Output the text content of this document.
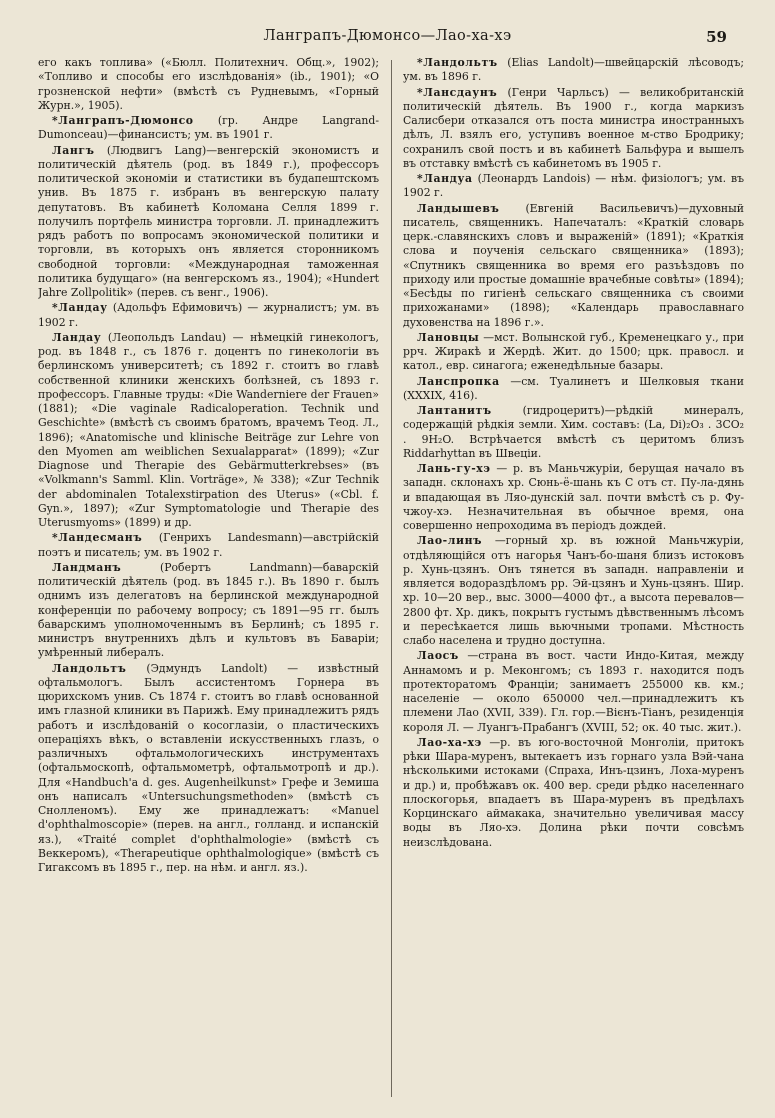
Ланграпъ-Дюмонсо—Лао-ха-хэ	59

его какъ топлива» («Бюлл. Политехнич. Общ.», 1902); «Топливо и способы его изслѣдованія» (ib., 1901); «О грозненской нефти» (вмѣстѣ съ Рудневымъ, «Горный Журн.», 1905).

*Ланграпъ-Дюмонсо (гр. Андре Langrand-Dumonceau)—финансистъ; ум. въ 1901 г.

Лангъ (Людвигъ Lang)—венгерскій экономистъ и политическій дѣятель (род. въ 1849 г.), профессоръ политической экономіи и статистики въ будапештскомъ унив. Въ 1875 г. избранъ въ венгерскую палату депутатовъ. Въ кабинетѣ Коломана Селля 1899 г. получилъ портфель министра торговли. Л. принадлежитъ рядъ работъ по вопросамъ экономической политики и торговли, въ которыхъ онъ является сторонникомъ свободной торговли: «Международная таможенная политика будущаго» (на венгерскомъ яз., 1904); «Hundert Jahre Zollpolitik» (перев. съ венг., 1906).

*Ландау (Адольфъ Ефимовичъ) — журналистъ; ум. въ 1902 г.

Ландау (Леопольдъ Landau) — нѣмецкій гинекологъ, род. въ 1848 г., съ 1876 г. доцентъ по гинекологіи въ берлинскомъ университетѣ; съ 1892 г. стоитъ во главѣ собственной клиники женскихъ болѣзней, съ 1893 г. профессоръ. Главные труды: «Die Wanderniere der Frauen» (1881); «Die vaginale Radicaloperation. Technik und Geschichte» (вмѣстѣ съ своимъ братомъ, врачемъ Теод. Л., 1896); «Anatomische und klinische Beiträge zur Lehre von den Myomen am weiblichen Sexualapparat» (1899); «Zur Diagnose und Therapie des Gebärmutterkrebses» (въ «Volkmann's Samml. Klin. Vorträge», № 338); «Zur Technik der abdominalen Totalexstirpation des Uterus» («Cbl. f. Gyn.», 1897); «Zur Symptomatologie und Therapie des Uterusmyoms» (1899) и др.

*Ландесманъ (Генрихъ Landesmann)—австрійскій поэтъ и писатель; ум. въ 1902 г.

Ландманъ	(Робертъ Landmann)—баварскій политическій дѣятель (род. въ 1845 г.). Въ 1890 г. былъ однимъ изъ делегатовъ на берлинской международной конференціи по рабочему вопросу; съ 1891—95 гг. былъ баварскимъ уполномоченнымъ въ Берлинѣ; съ 1895 г. министръ внутреннихъ дѣлъ и культовъ въ Баваріи; умѣренный либералъ.

Ландольтъ (Эдмундъ Landolt) — извѣстный офтальмологъ. Былъ ассистентомъ Горнера въ цюрихскомъ унив. Съ 1874 г. стоитъ во главѣ основанной имъ глазной клиники въ Парижѣ. Ему принадлежитъ рядъ работъ и изслѣдованій о косоглазіи, о пластическихъ операціяхъ вѣкъ, о вставленіи искусственныхъ глазъ, о различныхъ офтальмологическихъ инструментахъ (офтальмоскопѣ, офтальмометрѣ, офтальмотропѣ и др.). Для «Handbuch'a d. ges. Augenheilkunst» Грефе и Земиша онъ написалъ «Untersuchungsmethoden» (вмѣстѣ съ Снолленомъ). Ему же принадлежатъ: «Manuel d'ophthalmoscopie» (перев. на англ., голланд. и испанскій яз.), «Traité complet d'ophthalmologie» (вмѣстѣ съ Веккеромъ), «Therapeutique ophthalmologique» (вмѣстѣ съ Гигаксомъ въ 1895 г., пер. на нѣм. и англ. яз.).

*Ландольтъ (Elias Landolt)—швейцарскій лѣсоводъ; ум. въ 1896 г.

*Лансдаунъ (Генри Чарльсъ) — великобританскій политическій дѣятель. Въ 1900 г., когда маркизъ Салисбери отказался отъ поста министра иностранныхъ дѣлъ, Л. взялъ его, уступивъ военное м-ство Бродрику; сохранилъ свой постъ и въ кабинетѣ Бальфура и вышелъ въ отставку вмѣстѣ съ кабинетомъ въ 1905 г.

*Ландуа (Леонардъ Landois) — нѣм. физіологъ; ум. въ 1902 г.

Ландышевъ (Евгеній Васильевичъ)—духовный писатель, священникъ. Напечаталъ: «Краткій словарь церк.-славянскихъ словъ и выраженій» (1891); «Краткія слова и поученія сельскаго священника» (1893); «Спутникъ священника во время его разъѣздовъ по приходу или простые домашніе врачебные совѣты» (1894); «Бесѣды по гигіенѣ сельскаго священника съ своими прихожанами» (1898); «Календарь православнаго духовенства на 1896 г.».

Лановцы —мст. Волынской губ., Кременецкаго у., при ррч. Жиракѣ и Жердѣ. Жит. до 1500; црк. правосл. и катол., евр. синагога; еженедѣльные базары.

Ланспропка —см. Туалинетъ и Шелковыя ткани (XXXIX, 416).

Лантанитъ	(гидроцеритъ)—рѣдкій минералъ, содержащій рѣдкія земли. Хим. составъ: (La, Di)₂O₃ . 3CO₂ . 9H₂O. Встрѣчается вмѣстѣ съ церитомъ близъ Riddarhyttan въ Швеціи.

Лань-гу-хэ — р. въ Маньчжуріи, берущая начало въ западн. склонахъ хр. Сюнь-ё-шань къ С отъ ст. Пу-ла-дянь и впадающая въ Ляо-дунскій зал. почти вмѣстѣ съ р. Фу-чжоу-хэ. Незначительная въ обычное время, она совершенно непроходима въ періодъ дождей.

Лао-линъ —горный хр. въ южной Маньчжуріи, отдѣляющійся отъ нагорья Чанъ-бо-шаня близъ истоковъ р. Хунь-цзянъ. Онъ тянется въ западн. направленіи и является водораздѣломъ рр. Эй-цзянъ и Хунь-цзянъ. Шир. хр. 10—20 вер., выс. 3000—4000 фт., а высота перевалов—2800 фт. Хр. дикъ, покрытъ густымъ дѣвственнымъ лѣсомъ и пересѣкается лишь вьючными тропами. Мѣстность слабо населена и трудно доступна.

Лаосъ —страна въ вост. части Индо-Китая, между Аннамомъ и р. Меконгомъ; съ 1893 г. находится подъ протекторатомъ Франціи; занимаетъ 255000 кв. км.; населеніе — около 650000 чел.—принадлежитъ къ племени Лао (XVII, 339). Гл. гор.—Вієнъ-Тіанъ, резиденція короля Л. — Луангъ-Прабангъ (XVIII, 52; ок. 40 тыс. жит.).

Лао-ха-хэ —р. въ юго-восточной Монголіи, притокъ рѣки Шара-муренъ, вытекаетъ изъ горнаго узла Вэй-чана нѣсколькими истоками (Спраха, Инъ-цзинъ, Лоха-муренъ и др.) и, пробѣжавъ ок. 400 вер. среди рѣдко населеннаго плоскогорья, впадаетъ въ Шара-муренъ въ предѣлахъ Корцинскаго аймакака, значительно увеличивая массу воды въ Ляо-хэ. Долина рѣки почти совсѣмъ неизслѣдована.
